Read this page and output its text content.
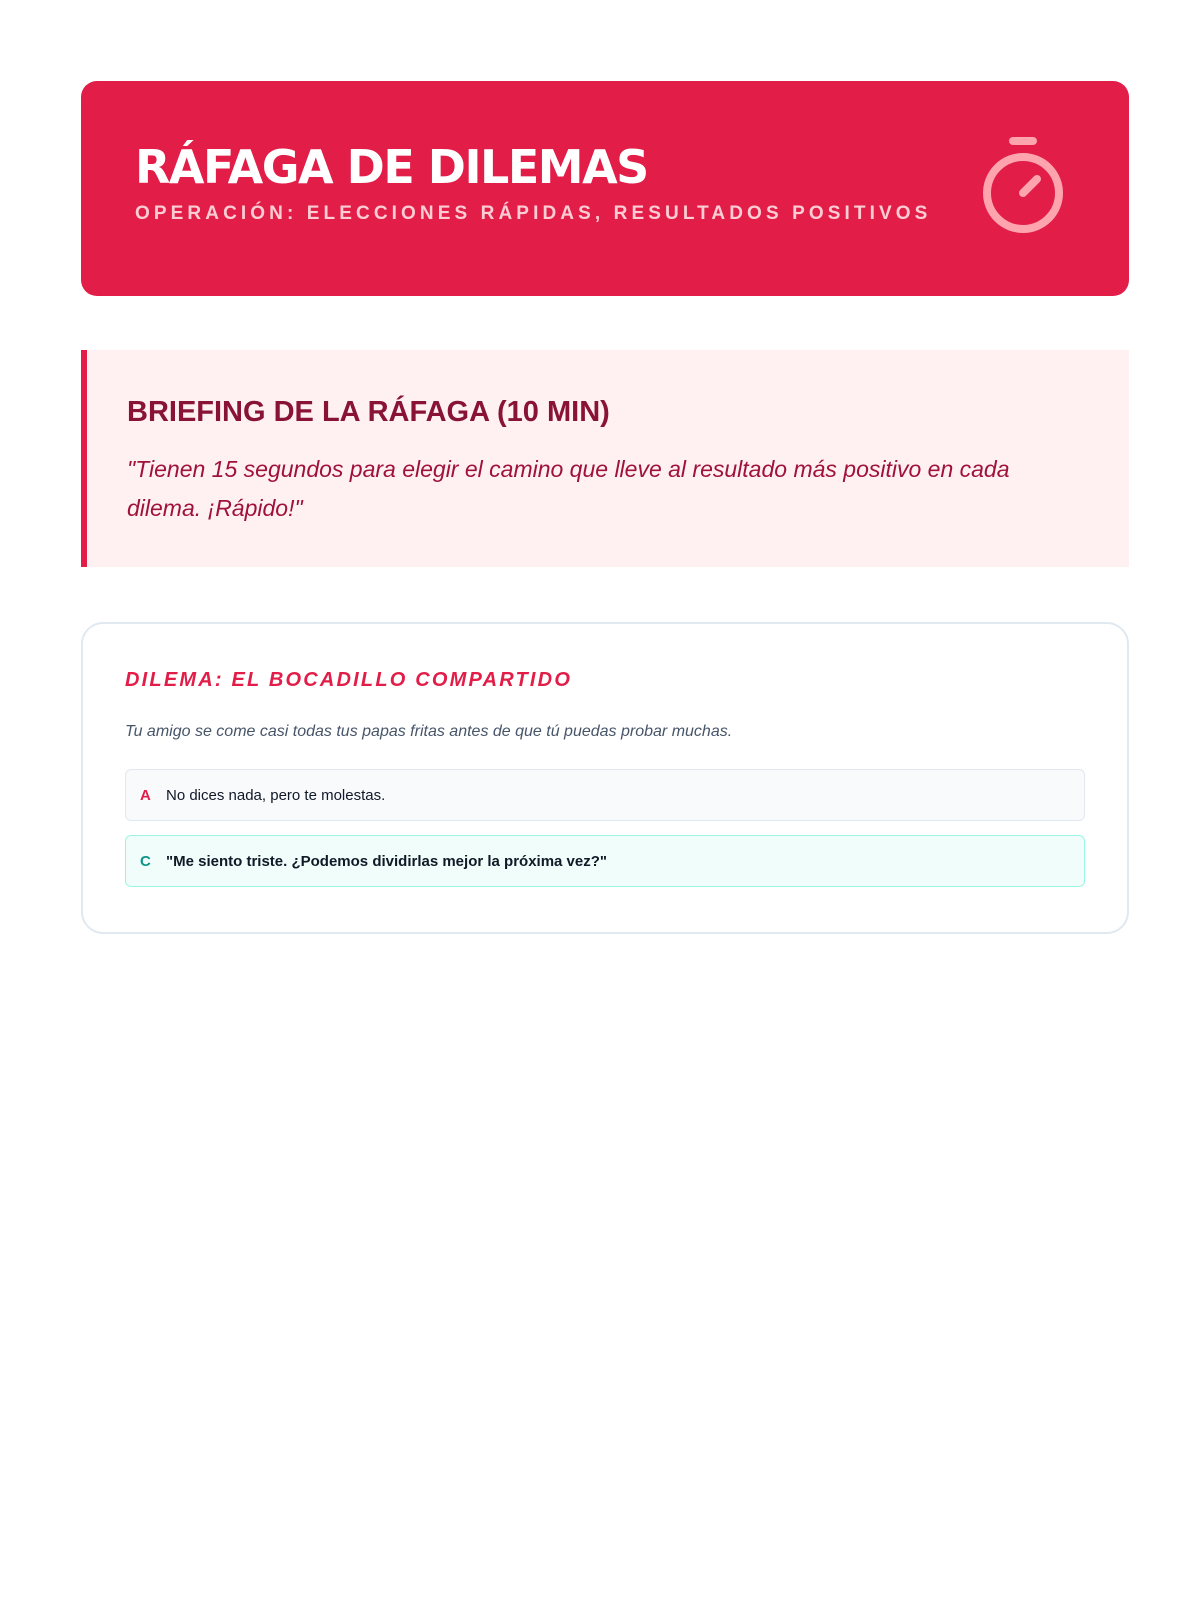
RÁFAGA DE DILEMAS
OPERACIÓN: ELECCIONES RÁPIDAS, RESULTADOS POSITIVOS
BRIEFING DE LA RÁFAGA (10 MIN)
"Tienen 15 segundos para elegir el camino que lleve al resultado más positivo en cada dilema. ¡Rápido!"
DILEMA: EL BOCADILLO COMPARTIDO
Tu amigo se come casi todas tus papas fritas antes de que tú puedas probar muchas.
A	No dices nada, pero te molestas.
C	"Me siento triste. ¿Podemos dividirlas mejor la próxima vez?"
